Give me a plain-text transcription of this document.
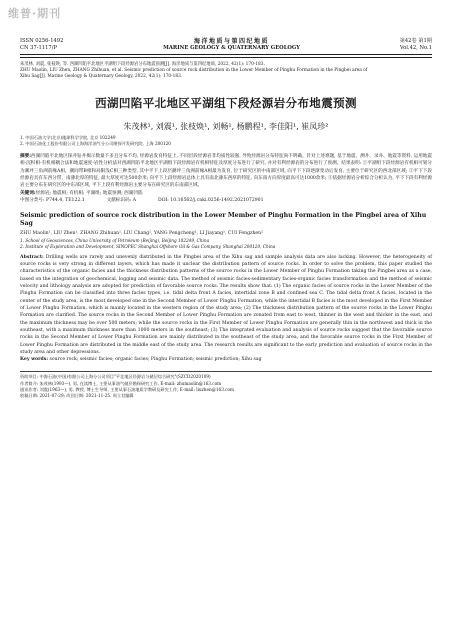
维普·期刊
ISSN 0256-1492
CN 37-1117/P
海洋地质与第四纪地质
MARINE GEOLOGY & QUATERNARY GEOLOGY
第42卷 第1期
Vol.42, No.1
朱茂林, 刘震, 张枝焕, 等. 西湖凹陷平北地区平湖组下段烃源岩分布地震预测[J]. 海洋地质与第四纪地质, 2022, 42(1): 170-183.
ZHU Maolin, LIU Zhen, ZHANG Zhihuan, et al. Seismic prediction of source rock distribution in the Lower Member of Pinghu Formation in the Pingbei area of
Xihu Sag[J]. Marine Geology & Quaternary Geology, 2022, 42(1): 170-183.
西湖凹陷平北地区平湖组下段烃源岩分布地震预测
朱茂林¹, 刘震¹, 张枝焕¹, 刘畅¹, 杨鹏程¹, 李佳阳¹, 崔凤珍²
1. 中国石油大学(北京)地球科学学院, 北京 102249
2. 中国石油化工股份有限公司上海海洋油气分公司勘探开发研究院, 上海 200120
摘要:西湖凹陷平北地区探井钻井揭示数量不多且分布不均, 烃源岩发育特征上, 不同层段烃源岩非均质性较强, 导致烃源岩分布特征尚不明确。针对上述难题, 基于地震、测井、录井、地震等资料, 运用地震相-沉积相-有机相耦合法和地震速度-岩性分析法对西湖凹陷平北地区平湖组下段烃源岩有机相特征及厚度分布进行了研究, 并对有利烃源岩的分布进行了预测。结果表明: ①平湖组下段烃源岩有机相可划分为潮坪三角洲前缘A相、潮间带B相和局限浅C相三种类型, 其中平下上段层潮坪三角洲前缘A相最为发育, 位于研究区的中南部区域, 向平下下段逐渐变动后发育, 主要位于研究区的西北部区域; ②平下下段烃源岩具有东西分带、南薄北厚的特征, 最大厚度可达500余米; 向平下上段烃源岩总体上具有南北薄东西厚的特征, 向东南方向厚度最高可达1000余米; ③依据烃源岩分析综合分析认为, 平下下段有利烃源岩主要分布在研究区的中东部区域, 平下上段有利烃源岩主要分布在研究区的东南部区域。
关键词:烃源岩; 地震相; 有机相; 平湖组; 地震预测; 西湖凹陷
中图分类号: P744.4, TE122.1	文献标识码: A	DOI: 10.16562/j.cnki.0256-1492.2021072901
Seismic prediction of source rock distribution in the Lower Member of Pinghu Formation in the Pingbei area of Xihu Sag
ZHU Maolin¹, LIU Zhen¹, ZHANG Zhihuan¹, LIU Chang¹, YANG Pengcheng¹, LI Jiayang¹, CUI Fengzhen²
1. School of Geosciences, China University of Petroleum (Beijing), Beijing 102249, China
2. Institute of Exploration and Development, SINOPEC Shanghai Offshore Oil & Gas Company, Shanghai 200120, China
Abstract: Drilling wells are rarely and unevenly distributed in the Pingbei area of the Xihu sag and sample analysis data are also lacking. However, the heterogeneity of source rocks is very strong in different layers, which has made it unclear the distribution pattern of source rocks. In order to solve the problem, this paper studied the characteristics of the organic facies and the thickness distribution patterns of the source rocks in the Lower Member of Pinghu Formation taking the Pingbei area as a case, based on the integration of geochemical, logging and seismic data. The method of seismic facies-sedimentary facies-organic facies transformation and the method of seismic velocity and lithology analysis are adopted for prediction of favorable source rocks. The results show that: (1) The organic facies of source rocks in the Lower Member of the Pinghu Formation can be classified into three facies types, i.e. tidal delta front A facies, intertidal zone B and confined sea C. The tidal delta front A facies, located in the center of the study area, is the most developed one in the Second Member of Lower Pinghu Formation, while the intertidal B facies is the most developed in the First Member of Lower Pinghu Formation, which is mainly located in the western region of the study area; (2) The thickness distribution pattern of the source rocks in the Lower Pinghu Formation are clarified. The source rocks in the Second Member of Lower Pinghu Formation are zonated from east to west, thinner in the west and thicker in the east, and the maximum thickness may be over 500 meters; while the source rocks in the First Member of Lower Pinghu Formation are generally thin in the northwest and thick in the southeast, with a maximum thickness more than 1000 meters in the southeast; (3) The integrated evaluation and analysis of source rocks suggest that the favorable source rocks in the Second Member of Lower Pinghu Formation are mainly distributed in the southeast of the study area, and the favorable source rocks in the First Member of Lower Pinghu Formation are distributed in the middle east of the study area. The research results are significant to the early prediction and evaluation of source rocks in the study area and other depressions.
Key words: source rock; seismic facies; organic facies; Pinghu Formation; seismic prediction; Xihu sag
资助项目: 中海石油(中国)有限公司上海分公司项目"平北地区烃源岩与储层综合研究"(SZCD2020109)
作者简介: 朱茂林(1993—), 男, 在读博士, 主要从事油气储层勘探研究工作, E-mail: zhumaolin@163.com
通讯作者: 刘震(1963—), 男, 教授, 博士生导师, 主要从事石油地质学教研及研究工作, E-mail: liuzhen@163.com
收稿日期: 2021-07-29; 改回日期: 2021-11-25. 周立君编辑
